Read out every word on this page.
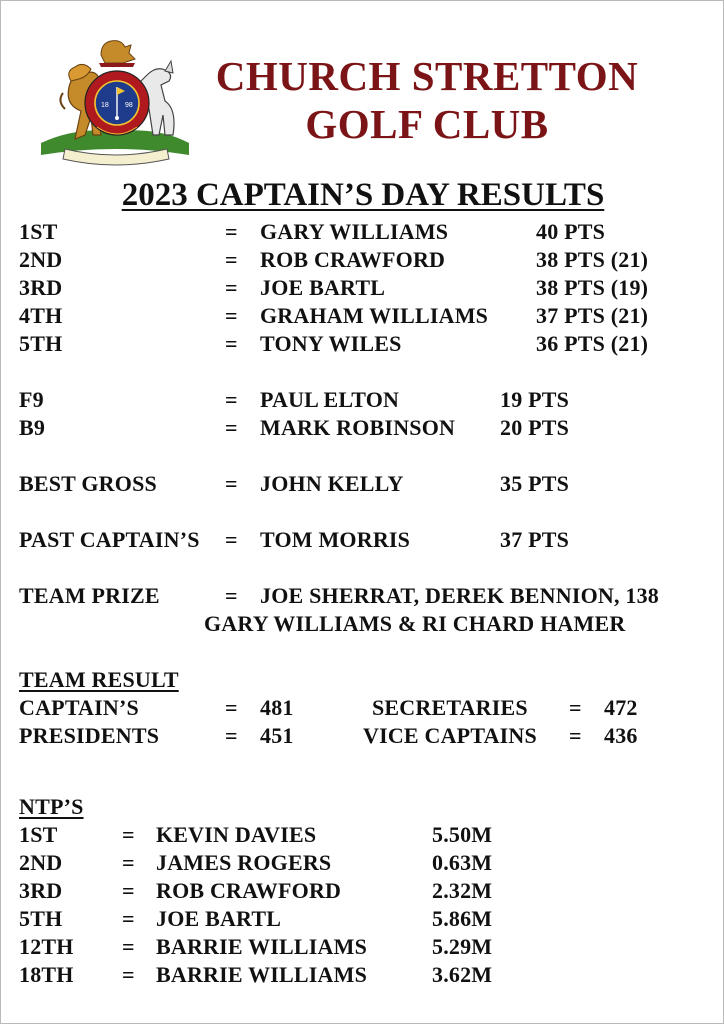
18 98
CHURCH STRETTON
GOLF CLUB
2023 CAPTAIN’S DAY RESULTS
1ST	= GARY WILLIAMS	40 PTS
2ND	= ROB CRAWFORD	38 PTS (21)
3RD	= JOE BARTL	38 PTS (19)
4TH	= GRAHAM WILLIAMS 37 PTS (21)
5TH	= TONY WILES	36 PTS (21)
F9	= PAUL ELTON	19 PTS
B9	= MARK ROBINSON 20 PTS
BEST GROSS	= JOHN KELLY	35 PTS
PAST CAPTAIN’S = TOM MORRIS	37 PTS
TEAM PRIZE	= JOE SHERRAT, DEREK BENNION, 138
GARY WILLIAMS & RI CHARD HAMER
TEAM RESULT
CAPTAIN’S	= 481	SECRETARIES = 472
PRESIDENTS	= 451	VICE CAPTAINS = 436
NTP’S
1ST	= KEVIN DAVIES	5.50M
2ND	= JAMES ROGERS	0.63M
3RD	= ROB CRAWFORD	2.32M
5TH	= JOE BARTL	5.86M
12TH = BARRIE WILLIAMS	5.29M
18TH = BARRIE WILLIAMS	3.62M
